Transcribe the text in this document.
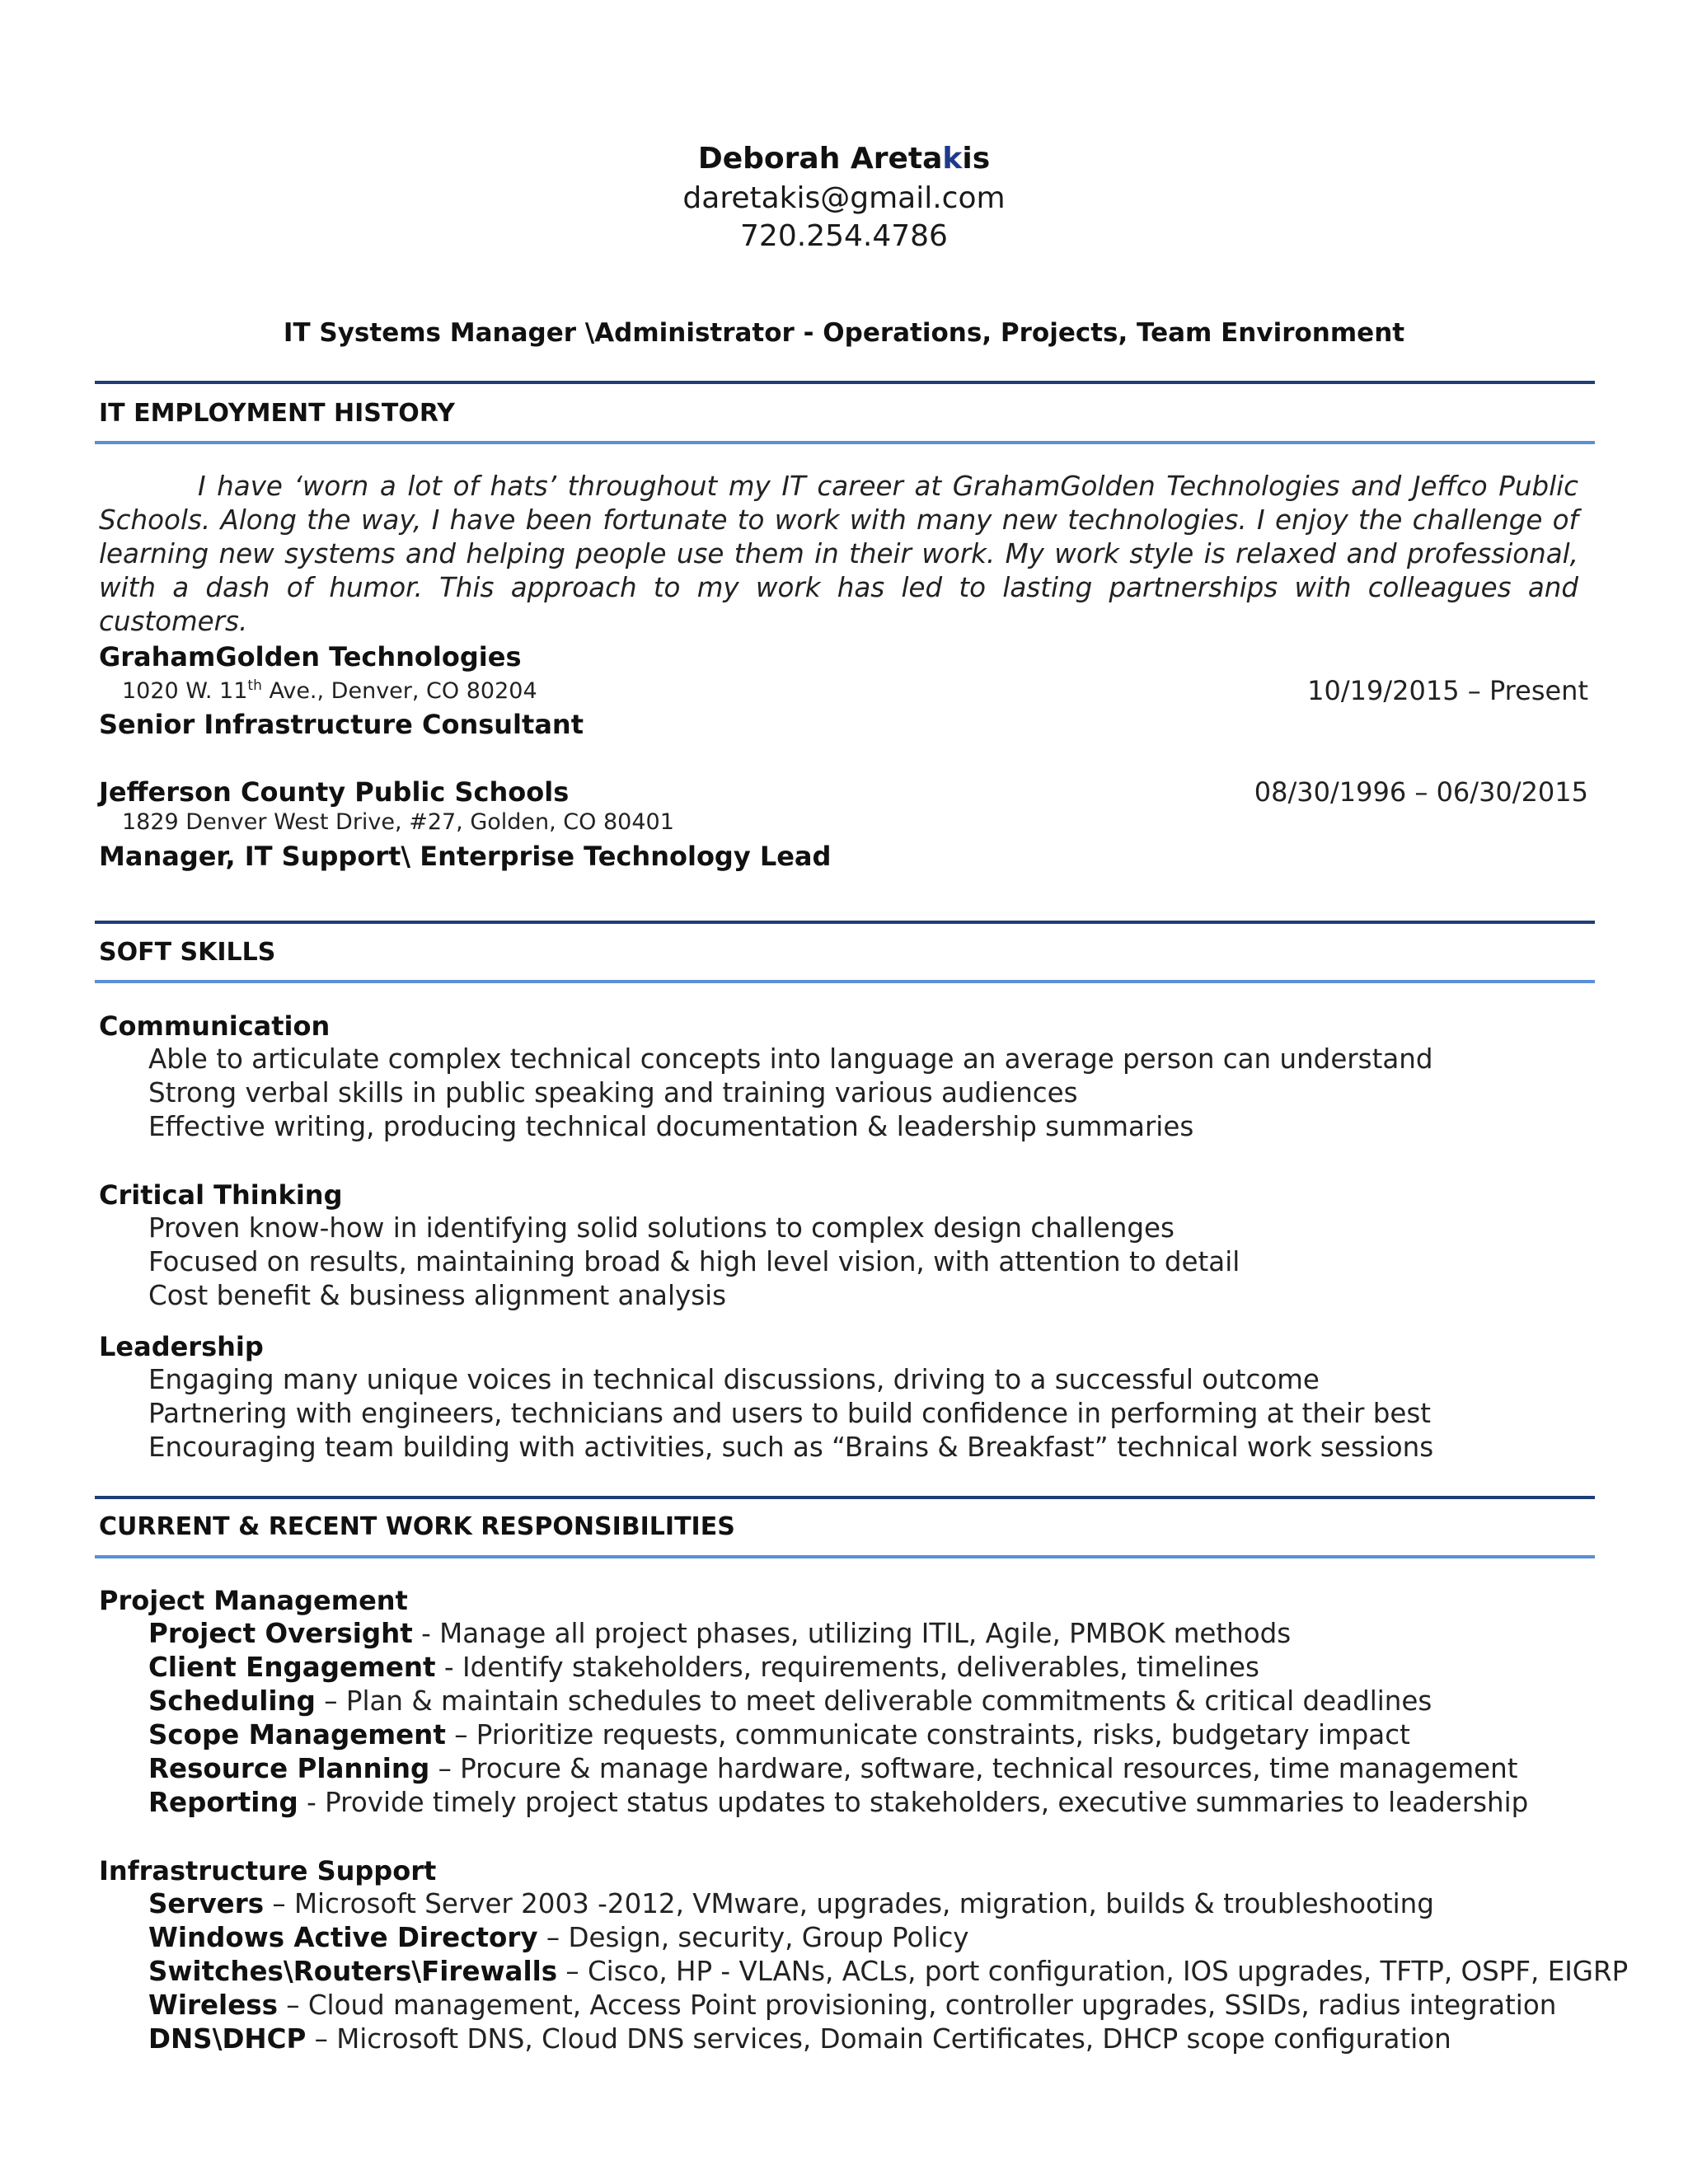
Deborah Aretakis
daretakis@gmail.com
720.254.4786
IT Systems Manager \Administrator - Operations, Projects, Team Environment
IT EMPLOYMENT HISTORY
I have ‘worn a lot of hats’ throughout my IT career at GrahamGolden Technologies and Jeffco Public Schools. Along the way, I have been fortunate to work with many new technologies. I enjoy the challenge of learning new systems and helping people use them in their work. My work style is relaxed and professional, with a dash of humor. This approach to my work has led to lasting partnerships with colleagues and customers.
GrahamGolden Technologies
1020 W. 11th Ave., Denver, CO 80204	10/19/2015 – Present
Senior Infrastructure Consultant
Jefferson County Public Schools	08/30/1996 – 06/30/2015
1829 Denver West Drive, #27, Golden, CO 80401
Manager, IT Support\ Enterprise Technology Lead
SOFT SKILLS
Communication
Able to articulate complex technical concepts into language an average person can understand
Strong verbal skills in public speaking and training various audiences
Effective writing, producing technical documentation & leadership summaries
Critical Thinking
Proven know-how in identifying solid solutions to complex design challenges
Focused on results, maintaining broad & high level vision, with attention to detail
Cost benefit & business alignment analysis
Leadership
Engaging many unique voices in technical discussions, driving to a successful outcome
Partnering with engineers, technicians and users to build confidence in performing at their best
Encouraging team building with activities, such as “Brains & Breakfast” technical work sessions
CURRENT & RECENT WORK RESPONSIBILITIES
Project Management
Project Oversight - Manage all project phases, utilizing ITIL, Agile, PMBOK methods
Client Engagement - Identify stakeholders, requirements, deliverables, timelines
Scheduling – Plan & maintain schedules to meet deliverable commitments & critical deadlines
Scope Management – Prioritize requests, communicate constraints, risks, budgetary impact
Resource Planning – Procure & manage hardware, software, technical resources, time management
Reporting - Provide timely project status updates to stakeholders, executive summaries to leadership
Infrastructure Support
Servers – Microsoft Server 2003 -2012, VMware, upgrades, migration, builds & troubleshooting
Windows Active Directory – Design, security, Group Policy
Switches\Routers\Firewalls – Cisco, HP - VLANs, ACLs, port configuration, IOS upgrades, TFTP, OSPF, EIGRP
Wireless – Cloud management, Access Point provisioning, controller upgrades, SSIDs, radius integration
DNS\DHCP – Microsoft DNS, Cloud DNS services, Domain Certificates, DHCP scope configuration
